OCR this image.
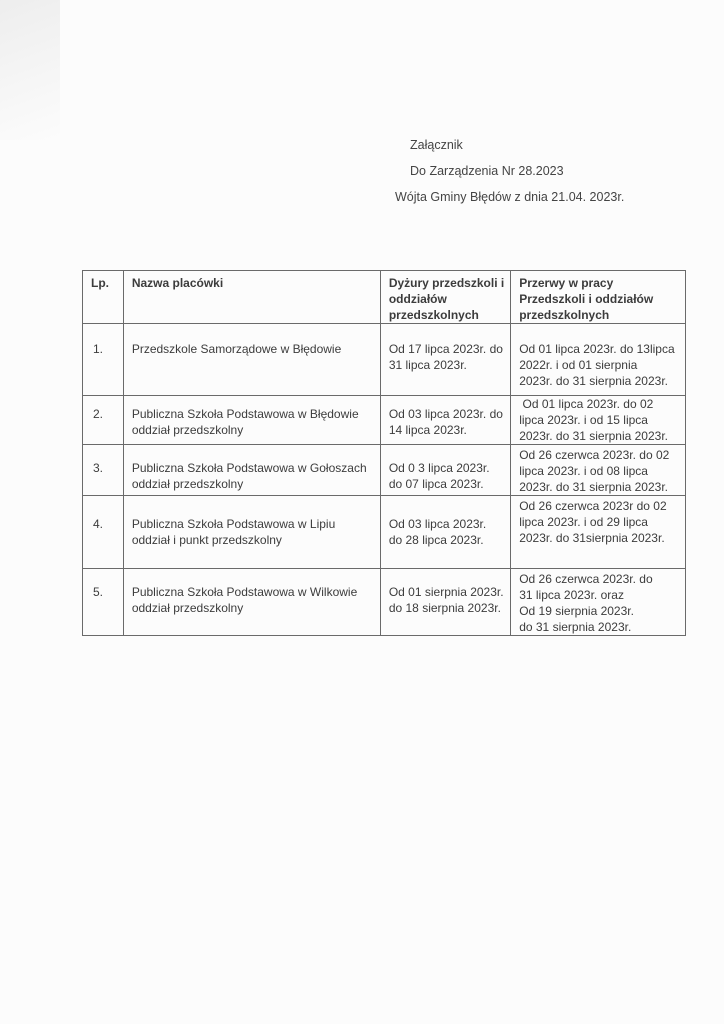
Załącznik
Do Zarządzenia Nr 28.2023
Wójta Gminy Błędów z dnia 21.04. 2023r.
Lp.	Nazwa placówki	Dyżury przedszkoli i
oddziałów
przedszkolnych	Przerwy w pracy
Przedszkoli i oddziałów
przedszkolnych

1.	Przedszkole Samorządowe w Błędowie	Od 17 lipca 2023r. do
31 lipca 2023r.	Od 01 lipca 2023r. do 13lipca
2022r. i od 01 sierpnia
2023r. do 31 sierpnia 2023r.

2.	Publiczna Szkoła Podstawowa w Błędowie
oddział przedszkolny	Od 03 lipca 2023r. do
14 lipca 2023r.	Od 01 lipca 2023r. do 02
lipca 2023r. i od 15 lipca
2023r. do 31 sierpnia 2023r.

3.	Publiczna Szkoła Podstawowa w Gołoszach
oddział przedszkolny	Od 0 3 lipca 2023r.
do 07 lipca 2023r.	Od 26 czerwca 2023r. do 02
lipca 2023r. i od 08 lipca
2023r. do 31 sierpnia 2023r.

4.	Publiczna Szkoła Podstawowa w Lipiu
oddział i punkt przedszkolny	Od 03 lipca 2023r.
do 28 lipca 2023r.	Od 26 czerwca 2023r do 02
lipca 2023r. i od 29 lipca
2023r. do 31sierpnia 2023r.

5.	Publiczna Szkoła Podstawowa w Wilkowie
oddział przedszkolny	Od 01 sierpnia 2023r.
do 18 sierpnia 2023r.	Od 26 czerwca 2023r. do
31 lipca 2023r. oraz
Od 19 sierpnia 2023r.
do 31 sierpnia 2023r.
